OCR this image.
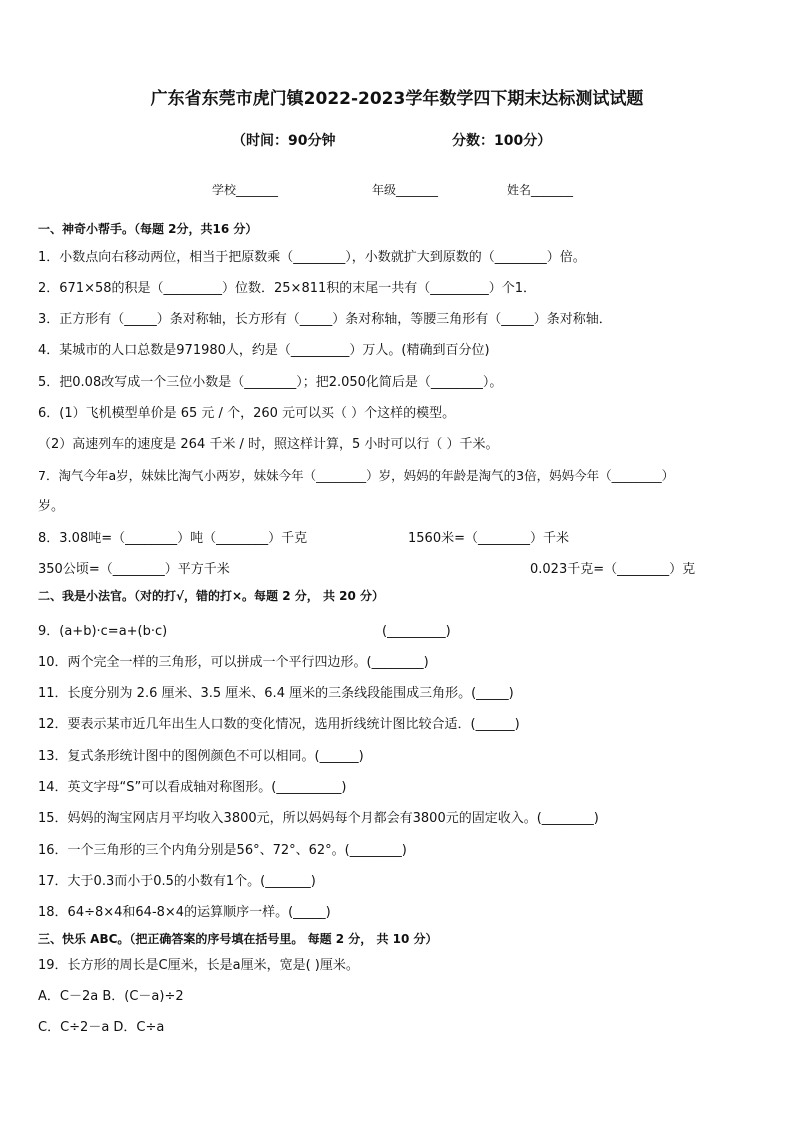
广东省东莞市虎门镇2022-2023学年数学四下期末达标测试试题
（时间：90分钟	分数：100分）
学校_______	年级_______	姓名_______
一、神奇小帮手。（每题 2分，共16 分）
1．小数点向右移动两位，相当于把原数乘（________），小数就扩大到原数的（________）倍。
2．671×58的积是（_________）位数．25×811积的末尾一共有（_________）个1．
3．正方形有（_____）条对称轴，长方形有（_____）条对称轴，等腰三角形有（_____）条对称轴．
4．某城市的人口总数是971980人，约是（_________）万人。(精确到百分位)
5．把0.08改写成一个三位小数是（________）；把2.050化简后是（________）。
6．(1）飞机模型单价是 65 元 / 个，260 元可以买（ ）个这样的模型。
（2）高速列车的速度是 264 千米 / 时，照这样计算，5 小时可以行（ ）千米。
7．淘气今年a岁，妹妹比淘气小两岁，妹妹今年（________）岁，妈妈的年龄是淘气的3倍，妈妈今年（________）
岁。
8．3.08吨=（________）吨（________）千克	1560米=（________）千米
350公顷=（________）平方千米	0.023千克=（________）克
二、我是小法官。（对的打√，错的打×。每题 2 分， 共 20 分）
9．(a+b)·c=a+(b·c)	(_________)
10．两个完全一样的三角形，可以拼成一个平行四边形。(________)
11．长度分别为 2.6 厘米、3.5 厘米、6.4 厘米的三条线段能围成三角形。(_____)
12．要表示某市近几年出生人口数的变化情况，选用折线统计图比较合适．(______)
13．复式条形统计图中的图例颜色不可以相同。(______)
14．英文字母“S”可以看成轴对称图形。(__________)
15．妈妈的淘宝网店月平均收入3800元，所以妈妈每个月都会有3800元的固定收入。(________)
16．一个三角形的三个内角分别是56°、72°、62°。(________)
17．大于0.3而小于0.5的小数有1个。(_______)
18．64÷8×4和64-8×4的运算顺序一样。(_____)
三、快乐 ABC。（把正确答案的序号填在括号里。 每题 2 分， 共 10 分）
19．长方形的周长是C厘米，长是a厘米，宽是( )厘米。
A．C－2a B．(C－a)÷2
C．C÷2－a D．C÷a
